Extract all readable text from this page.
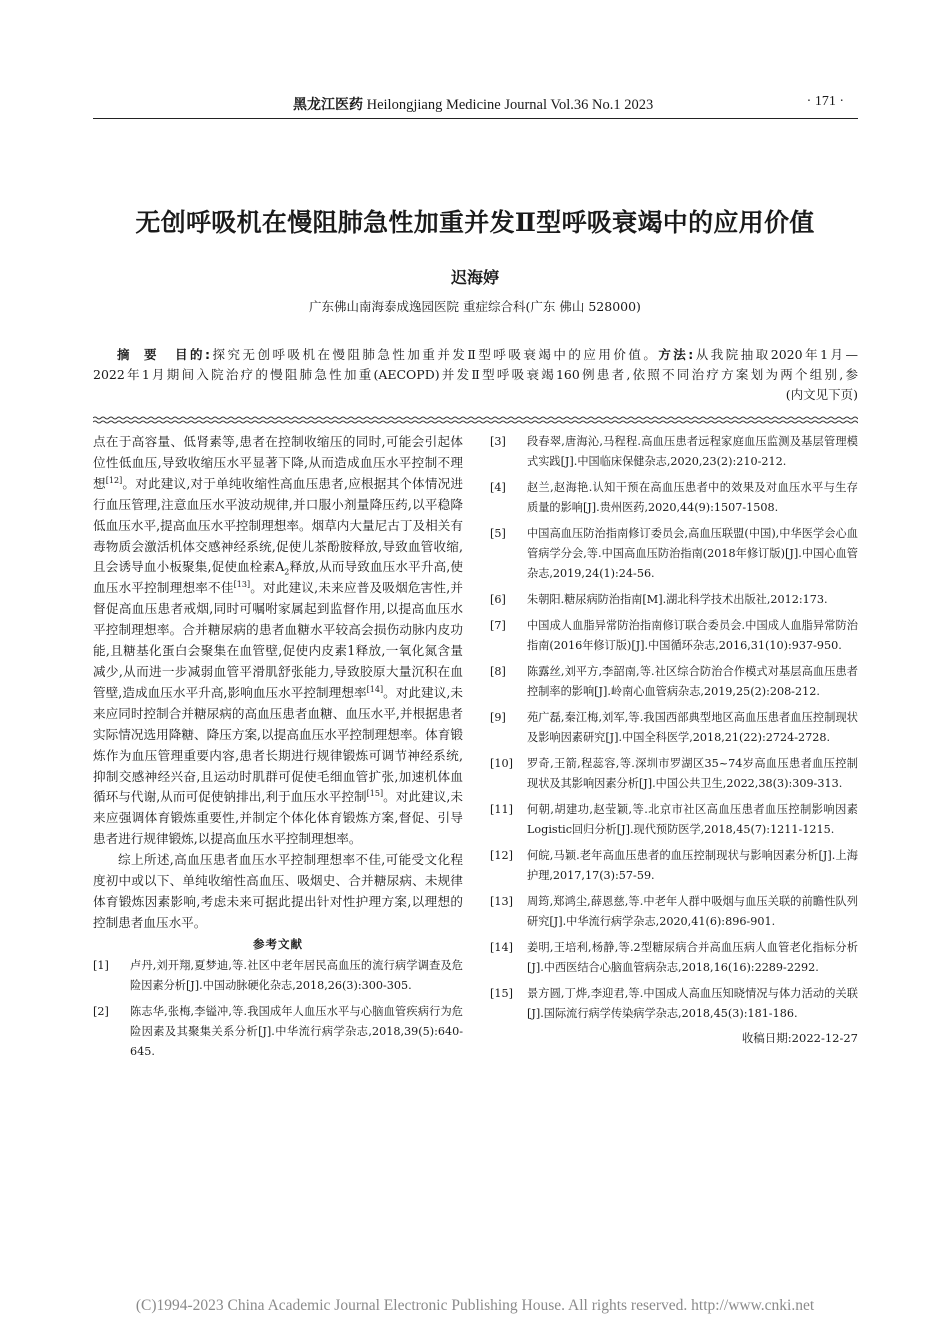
黑龙江医药 Heilongjiang Medicine Journal Vol.36 No.1 2023	· 171 ·
无创呼吸机在慢阻肺急性加重并发Ⅱ型呼吸衰竭中的应用价值
迟海婷
广东佛山南海泰成逸园医院 重症综合科(广东 佛山 528000)
摘要 目的:探究无创呼吸机在慢阻肺急性加重并发Ⅱ型呼吸衰竭中的应用价值。方法:从我院抽取2020年1月—
2022年1月期间入院治疗的慢阻肺急性加重(AECOPD)并发Ⅱ型呼吸衰竭160例患者,依照不同治疗方案划为两个组别,参
(内文见下页)

点在于高容量、低肾素等,患者在控制收缩压的同时,可能会引起体位性低血压,导致收缩压水平显著下降,从而造成血压水平控制不理想[12]。对此建议,对于单纯收缩性高血压患者,应根据其个体情况进行血压管理,注意血压水平波动规律,并口服小剂量降压药,以平稳降低血压水平,提高血压水平控制理想率。烟草内大量尼古丁及相关有毒物质会激活机体交感神经系统,促使儿茶酚胺释放,导致血管收缩,且会诱导血小板聚集,促使血栓素$A_2$释放,从而导致血压水平升高,使血压水平控制理想率不佳[13]。对此建议,未来应普及吸烟危害性,并督促高血压患者戒烟,同时可嘱咐家属起到监督作用,以提高血压水平控制理想率。合并糖尿病的患者血糖水平较高会损伤动脉内皮功能,且糖基化蛋白会聚集在血管壁,促使内皮素1释放,一氧化氮含量减少,从而进一步减弱血管平滑肌舒张能力,导致胶原大量沉积在血管壁,造成血压水平升高,影响血压水平控制理想率[14]。对此建议,未来应同时控制合并糖尿病的高血压患者血糖、血压水平,并根据患者实际情况选用降糖、降压方案,以提高血压水平控制理想率。体育锻炼作为血压管理重要内容,患者长期进行规律锻炼可调节神经系统,抑制交感神经兴奋,且运动时肌群可促使毛细血管扩张,加速机体血循环与代谢,从而可促使钠排出,利于血压水平控制[15]。对此建议,未来应强调体育锻炼重要性,并制定个体化体育锻炼方案,督促、引导患者进行规律锻炼,以提高血压水平控制理想率。

综上所述,高血压患者血压水平控制理想率不佳,可能受文化程度初中或以下、单纯收缩性高血压、吸烟史、合并糖尿病、未规律体育锻炼因素影响,考虑未来可据此提出针对性护理方案,以理想的控制患者血压水平。

参考文献
[1] 卢丹,刘开翔,夏梦迪,等.社区中老年居民高血压的流行病学调查及危险因素分析[J].中国动脉硬化杂志,2018,26(3):300-305.
[2] 陈志华,张梅,李镒冲,等.我国成年人血压水平与心脑血管疾病行为危险因素及其聚集关系分析[J].中华流行病学杂志,2018,39(5):640-645.
[3] 段春翠,唐海沁,马程程.高血压患者远程家庭血压监测及基层管理模式实践[J].中国临床保健杂志,2020,23(2):210-212.
[4] 赵兰,赵海艳.认知干预在高血压患者中的效果及对血压水平与生存质量的影响[J].贵州医药,2020,44(9):1507-1508.
[5] 中国高血压防治指南修订委员会,高血压联盟(中国),中华医学会心血管病学分会,等.中国高血压防治指南(2018年修订版)[J].中国心血管杂志,2019,24(1):24-56.
[6] 朱朝阳.糖尿病防治指南[M].湖北科学技术出版社,2012:173.
[7] 中国成人血脂异常防治指南修订联合委员会.中国成人血脂异常防治指南(2016年修订版)[J].中国循环杂志,2016,31(10):937-950.
[8] 陈露丝,刘平方,李韶南,等.社区综合防治合作模式对基层高血压患者控制率的影响[J].岭南心血管病杂志,2019,25(2):208-212.
[9] 苑广磊,秦江梅,刘军,等.我国西部典型地区高血压患者血压控制现状及影响因素研究[J].中国全科医学,2018,21(22):2724-2728.
[10] 罗奇,王箭,程蕊容,等.深圳市罗湖区35~74岁高血压患者血压控制现状及其影响因素分析[J].中国公共卫生,2022,38(3):309-313.
[11] 何朝,胡建功,赵莹颖,等.北京市社区高血压患者血压控制影响因素Logistic回归分析[J].现代预防医学,2018,45(7):1211-1215.
[12] 何皖,马颖.老年高血压患者的血压控制现状与影响因素分析[J].上海护理,2017,17(3):57-59.
[13] 周筠,郑鸿尘,薛恩慈,等.中老年人群中吸烟与血压关联的前瞻性队列研究[J].中华流行病学杂志,2020,41(6):896-901.
[14] 姜明,王培利,杨静,等.2型糖尿病合并高血压病人血管老化指标分析[J].中西医结合心脑血管病杂志,2018,16(16):2289-2292.
[15] 景方圆,丁烨,李迎君,等.中国成人高血压知晓情况与体力活动的关联[J].国际流行病学传染病学杂志,2018,45(3):181-186.
收稿日期:2022-12-27
(C)1994-2023 China Academic Journal Electronic Publishing House. All rights reserved. http://www.cnki.net
